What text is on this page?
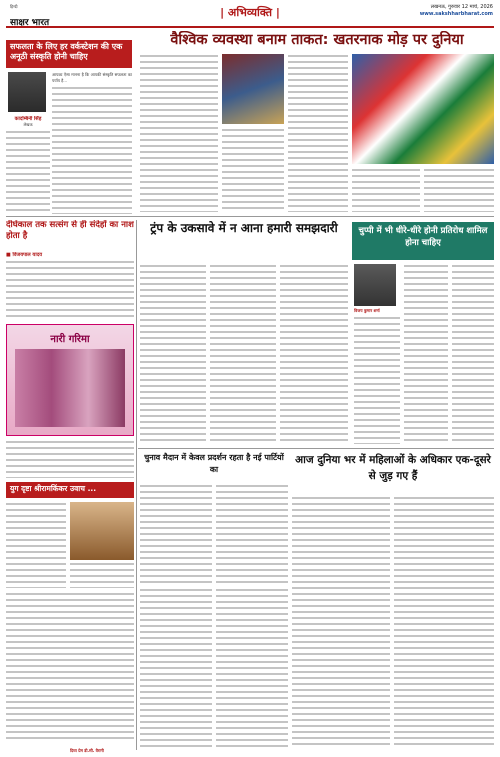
हिन्दी
साक्षर भारत
| अभिव्यक्ति |	लखनऊ, गुरुवार 12 मार्च, 2026
www.sakshharbharat.com
सफलता के लिए हर वर्कस्टेशन की एक अनूठी संस्कृति होनी चाहिए
कादम्बिनी सिंह
लेखक
आपका ऐसा मानना है कि आपकी संस्कृति सफलता का पर्याय है...
वैश्विक व्यवस्था बनाम ताकत: खतरनाक मोड़ पर दुनिया
दीर्घकाल तक सत्संग से ही संदेहों का नाश होता है
■ विजयपाल यादव
नारी गरिमा
ट्रंप के उकसावे में न आना हमारी समझदारी	चुप्पी में भी धीरे-धीरे होनी प्रतिरोध शामिल होना चाहिए
विजय कुमार शर्मा
युग दृष्टा श्रीरामकिंकर उवाच ...
दिव्य प्रेम डी.सी. वैरागी
चुनाव मैदान में केवल प्रदर्शन रहता है नई पार्टियों का
आज दुनिया भर में महिलाओं के अधिकार एक-दूसरे से जुड़ गए हैं
